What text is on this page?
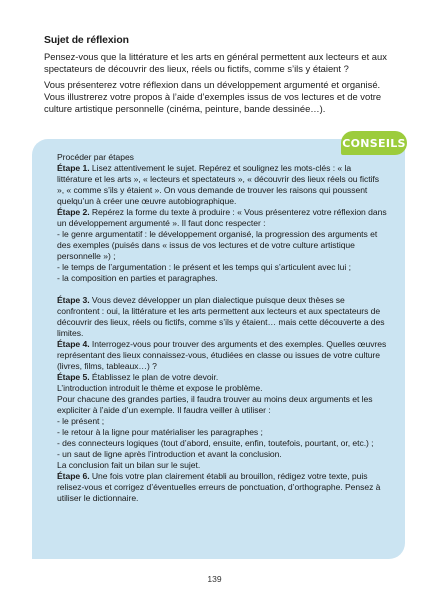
Sujet de réflexion

Pensez-vous que la littérature et les arts en général permettent aux lecteurs et aux spectateurs de découvrir des lieux, réels ou fictifs, comme s’ils y étaient ?

Vous présenterez votre réflexion dans un développement argumenté et organisé. Vous illustrerez votre propos à l’aide d’exemples issus de vos lectures et de votre culture artistique personnelle (cinéma, peinture, bande dessinée…).

CONSEILS

Procéder par étapes

Étape 1. Lisez attentivement le sujet. Repérez et soulignez les mots-clés : « la littérature et les arts », « lecteurs et spectateurs », « découvrir des lieux réels ou fictifs », « comme s’ils y étaient ». On vous demande de trouver les raisons qui poussent quelqu’un à créer une œuvre autobiographique.

Étape 2. Repérez la forme du texte à produire : « Vous présenterez votre réflexion dans un développement argumenté ». Il faut donc respecter :

- le genre argumentatif : le développement organisé, la progression des arguments et des exemples (puisés dans « issus de vos lectures et de votre culture artistique personnelle ») ;

- le temps de l’argumentation : le présent et les temps qui s’articulent avec lui ;

- la composition en parties et paragraphes.

Étape 3. Vous devez développer un plan dialectique puisque deux thèses se confrontent : oui, la littérature et les arts permettent aux lecteurs et aux spectateurs de découvrir des lieux, réels ou fictifs, comme s’ils y étaient… mais cette découverte a des limites.

Étape 4. Interrogez-vous pour trouver des arguments et des exemples. Quelles œuvres représentant des lieux connaissez-vous, étudiées en classe ou issues de votre culture (livres, films, tableaux…) ?

Étape 5. Établissez le plan de votre devoir.

L’introduction introduit le thème et expose le problème.

Pour chacune des grandes parties, il faudra trouver au moins deux arguments et les expliciter à l’aide d’un exemple. Il faudra veiller à utiliser :

- le présent ;

- le retour à la ligne pour matérialiser les paragraphes ;

- des connecteurs logiques (tout d’abord, ensuite, enfin, toutefois, pourtant, or, etc.) ;

- un saut de ligne après l’introduction et avant la conclusion.

La conclusion fait un bilan sur le sujet.

Étape 6. Une fois votre plan clairement établi au brouillon, rédigez votre texte, puis relisez-vous et corrigez d’éventuelles erreurs de ponctuation, d’orthographe. Pensez à utiliser le dictionnaire.

139
